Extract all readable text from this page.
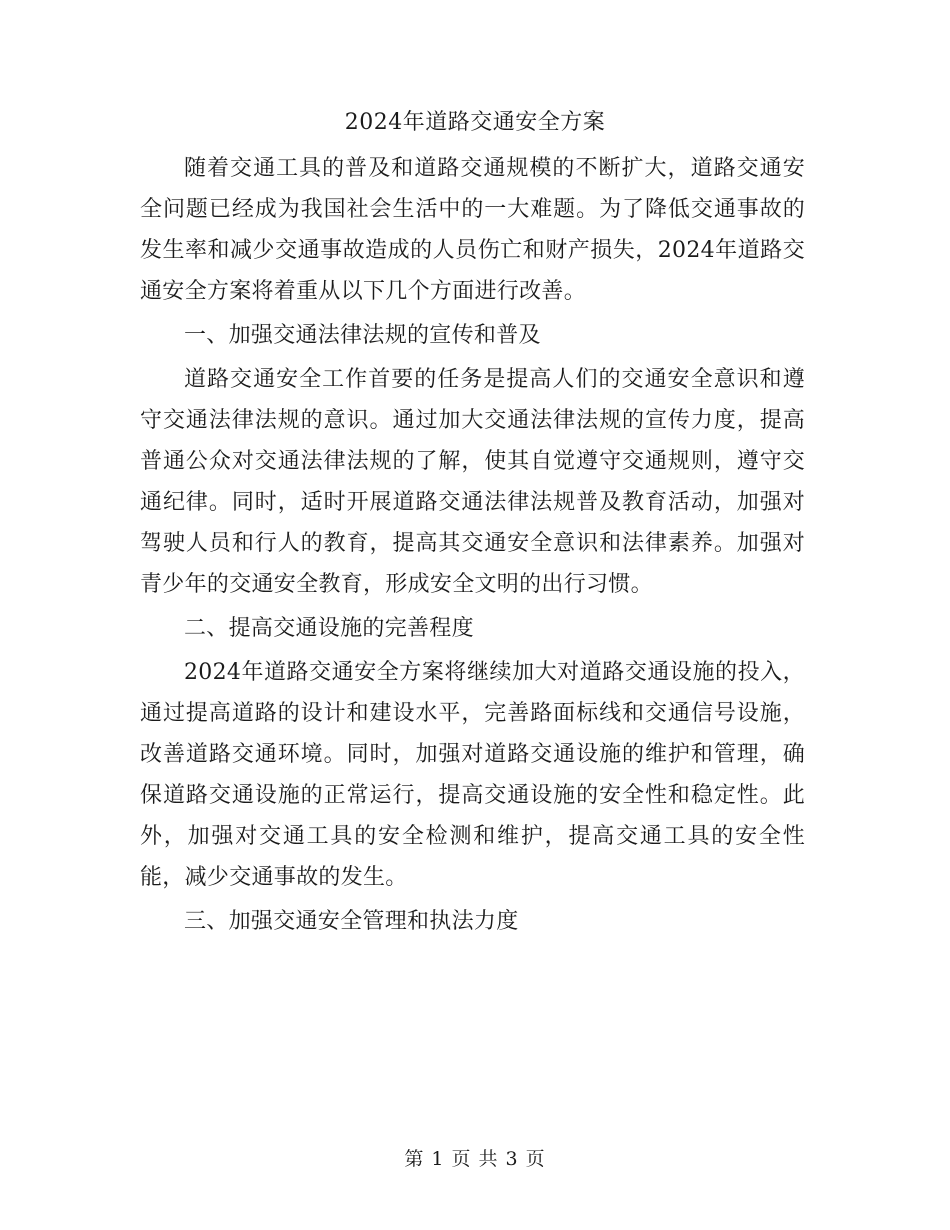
2024年道路交通安全方案

随着交通工具的普及和道路交通规模的不断扩大，道路交通安全问题已经成为我国社会生活中的一大难题。为了降低交通事故的发生率和减少交通事故造成的人员伤亡和财产损失，2024年道路交通安全方案将着重从以下几个方面进行改善。

一、加强交通法律法规的宣传和普及

道路交通安全工作首要的任务是提高人们的交通安全意识和遵守交通法律法规的意识。通过加大交通法律法规的宣传力度，提高普通公众对交通法律法规的了解，使其自觉遵守交通规则，遵守交通纪律。同时，适时开展道路交通法律法规普及教育活动，加强对驾驶人员和行人的教育，提高其交通安全意识和法律素养。加强对青少年的交通安全教育，形成安全文明的出行习惯。

二、提高交通设施的完善程度

2024年道路交通安全方案将继续加大对道路交通设施的投入，通过提高道路的设计和建设水平，完善路面标线和交通信号设施，改善道路交通环境。同时，加强对道路交通设施的维护和管理，确保道路交通设施的正常运行，提高交通设施的安全性和稳定性。此外，加强对交通工具的安全检测和维护，提高交通工具的安全性能，减少交通事故的发生。

三、加强交通安全管理和执法力度

第 1 页 共 3 页
